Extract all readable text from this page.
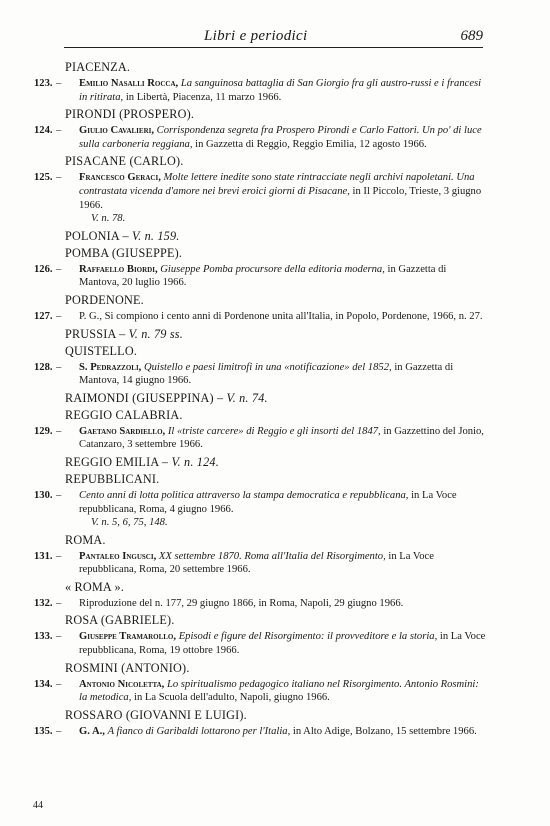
Libri e periodici	689
PIACENZA.
123. – Emilio Nasalli Rocca, La sanguinosa battaglia di San Giorgio fra gli austro-russi e i francesi in ritirata, in Libertà, Piacenza, 11 marzo 1966.
PIRONDI (PROSPERO).
124. – Giulio Cavalieri, Corrispondenza segreta fra Prospero Pirondi e Carlo Fattori. Un po' di luce sulla carboneria reggiana, in Gazzetta di Reggio, Reggio Emilia, 12 agosto 1966.
PISACANE (CARLO).
125. – Francesco Geraci, Molte lettere inedite sono state rintracciate negli archivi napoletani. Una contrastata vicenda d'amore nei brevi eroici giorni di Pisacane, in Il Piccolo, Trieste, 3 giugno 1966.
V. n. 78.
POLONIA – V. n. 159.
POMBA (GIUSEPPE).
126. – Raffaello Biordi, Giuseppe Pomba procursore della editoria moderna, in Gazzetta di Mantova, 20 luglio 1966.
PORDENONE.
127. – P. G., Si compiono i cento anni di Pordenone unita all'Italia, in Popolo, Pordenone, 1966, n. 27.
PRUSSIA – V. n. 79 ss.
QUISTELLO.
128. – S. Pedrazzoli, Quistello e paesi limitrofi in una «notificazione» del 1852, in Gazzetta di Mantova, 14 giugno 1966.
RAIMONDI (GIUSEPPINA) – V. n. 74.
REGGIO CALABRIA.
129. – Gaetano Sardiello, Il «triste carcere» di Reggio e gli insorti del 1847, in Gazzettino del Jonio, Catanzaro, 3 settembre 1966.
REGGIO EMILIA – V. n. 124.
REPUBBLICANI.
130. – Cento anni di lotta politica attraverso la stampa democratica e repubblicana, in La Voce repubblicana, Roma, 4 giugno 1966.
V. n. 5, 6, 75, 148.
ROMA.
131. – Pantaleo Ingusci, XX settembre 1870. Roma all'Italia del Risorgimento, in La Voce repubblicana, Roma, 20 settembre 1966.
« ROMA ».
132. – Riproduzione del n. 177, 29 giugno 1866, in Roma, Napoli, 29 giugno 1966.
ROSA (GABRIELE).
133. – Giuseppe Tramarollo, Episodi e figure del Risorgimento: il provveditore e la storia, in La Voce repubblicana, Roma, 19 ottobre 1966.
ROSMINI (ANTONIO).
134. – Antonio Nicoletta, Lo spiritualismo pedagogico italiano nel Risorgimento. Antonio Rosmini: la metodica, in La Scuola dell'adulto, Napoli, giugno 1966.
ROSSARO (GIOVANNI E LUIGI).
135. – G. A., A fianco di Garibaldi lottarono per l'Italia, in Alto Adige, Bolzano, 15 settembre 1966.
44
